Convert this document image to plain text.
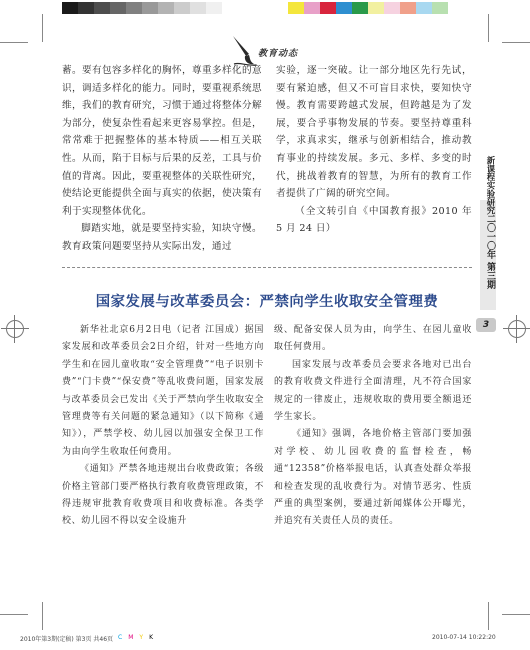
教育动态

蓄。要有包容多样化的胸怀，尊重多样化的意识，调适多样化的能力。同时，要重视系统思维，我们的教育研究，习惯于通过将整体分解为部分，使复杂性看起来更容易掌控。但是，常常难于把握整体的基本特质——相互关联性。从而，陷于目标与后果的反差，工具与价值的背离。因此，要重视整体的关联性研究，使结论更能提供全面与真实的依据，使决策有利于实现整体优化。

脚踏实地，就是要坚持实验，知块守慢。教育政策问题要坚持从实际出发，通过

实验，逐一突破。让一部分地区先行先试，要有紧迫感，但又不可盲目求快，要知快守慢。教育需要跨越式发展，但跨越是为了发展，要合乎事物发展的节奏。要坚持尊重科学，求真求实，继承与创新相结合，推动教育事业的持续发展。多元、多样、多变的时代，挑战着教育的智慧，为所有的教育工作者提供了广阔的研究空间。

（全文转引自《中国教育报》2010 年 5 月 24 日）

国家发展与改革委员会：严禁向学生收取安全管理费

新华社北京6月2日电（记者 江国成）据国家发展和改革委员会2日介绍，针对一些地方向学生和在园儿童收取“安全管理费”“电子识别卡费”“门卡费”“保安费”等乱收费问题，国家发展与改革委员会已发出《关于严禁向学生收取安全管理费等有关问题的紧急通知》（以下简称《通知》），严禁学校、幼儿园以加强安全保卫工作为由向学生收取任何费用。

《通知》严禁各地违规出台收费政策；各级价格主管部门要严格执行教育收费管理政策，不得违规审批教育收费项目和收费标准。各类学校、幼儿园不得以安全设施升

级、配备安保人员为由，向学生、在园儿童收取任何费用。

国家发展与改革委员会要求各地对已出台的教育收费文件进行全面清理，凡不符合国家规定的一律废止，违规收取的费用要全额退还学生家长。

《通知》强调，各地价格主管部门要加强对学校、幼儿园收费的监督检查，畅通“12358”价格举报电话，认真查处群众举报和检查发现的乱收费行为。对情节恶劣、性质严重的典型案例，要通过新闻媒体公开曝光，并追究有关责任人员的责任。

新课程实验研究
二〇一〇年 第三期
3
2010年第3期(定稿) 第3页 共46页 C M Y K	2010-07-14 10:22:20
